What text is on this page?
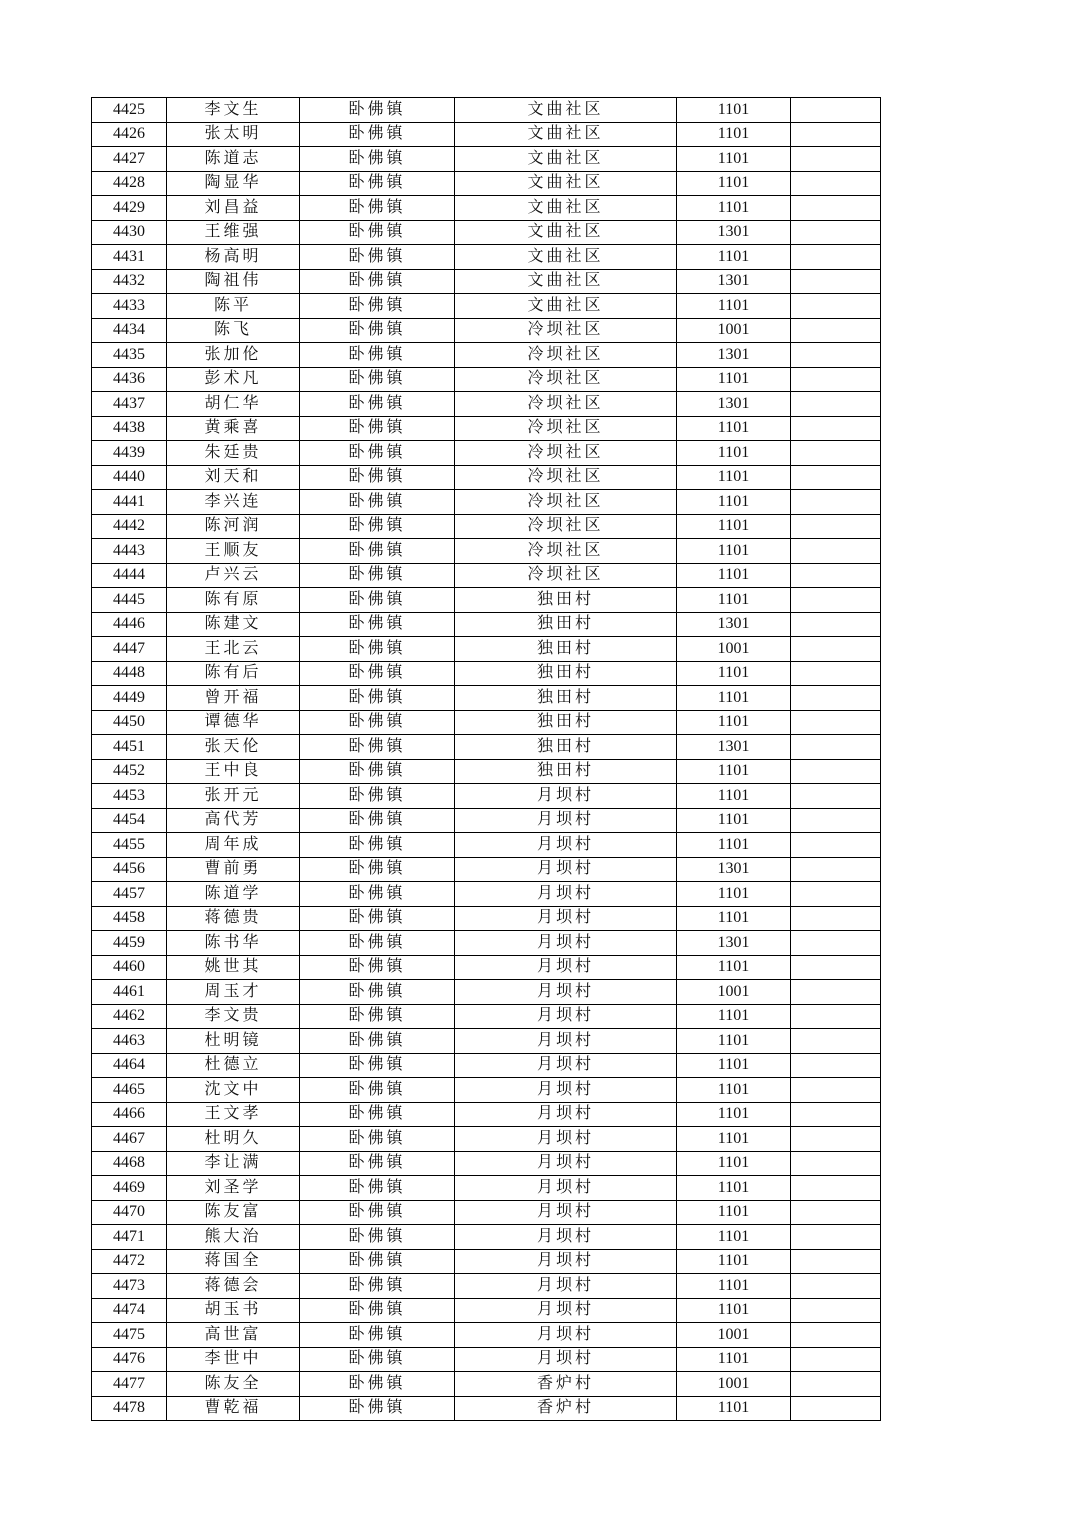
4425	李文生	卧佛镇	文曲社区	1101	
4426	张太明	卧佛镇	文曲社区	1101	
4427	陈道志	卧佛镇	文曲社区	1101	
4428	陶显华	卧佛镇	文曲社区	1101	
4429	刘昌益	卧佛镇	文曲社区	1101	
4430	王维强	卧佛镇	文曲社区	1301	
4431	杨高明	卧佛镇	文曲社区	1101	
4432	陶祖伟	卧佛镇	文曲社区	1301	
4433	陈平	卧佛镇	文曲社区	1101	
4434	陈飞	卧佛镇	冷坝社区	1001	
4435	张加伦	卧佛镇	冷坝社区	1301	
4436	彭术凡	卧佛镇	冷坝社区	1101	
4437	胡仁华	卧佛镇	冷坝社区	1301	
4438	黄乘喜	卧佛镇	冷坝社区	1101	
4439	朱廷贵	卧佛镇	冷坝社区	1101	
4440	刘天和	卧佛镇	冷坝社区	1101	
4441	李兴连	卧佛镇	冷坝社区	1101	
4442	陈河润	卧佛镇	冷坝社区	1101	
4443	王顺友	卧佛镇	冷坝社区	1101	
4444	卢兴云	卧佛镇	冷坝社区	1101	
4445	陈有原	卧佛镇	独田村	1101	
4446	陈建文	卧佛镇	独田村	1301	
4447	王北云	卧佛镇	独田村	1001	
4448	陈有后	卧佛镇	独田村	1101	
4449	曾开福	卧佛镇	独田村	1101	
4450	谭德华	卧佛镇	独田村	1101	
4451	张天伦	卧佛镇	独田村	1301	
4452	王中良	卧佛镇	独田村	1101	
4453	张开元	卧佛镇	月坝村	1101	
4454	高代芳	卧佛镇	月坝村	1101	
4455	周年成	卧佛镇	月坝村	1101	
4456	曹前勇	卧佛镇	月坝村	1301	
4457	陈道学	卧佛镇	月坝村	1101	
4458	蒋德贵	卧佛镇	月坝村	1101	
4459	陈书华	卧佛镇	月坝村	1301	
4460	姚世其	卧佛镇	月坝村	1101	
4461	周玉才	卧佛镇	月坝村	1001	
4462	李文贵	卧佛镇	月坝村	1101	
4463	杜明镜	卧佛镇	月坝村	1101	
4464	杜德立	卧佛镇	月坝村	1101	
4465	沈文中	卧佛镇	月坝村	1101	
4466	王文孝	卧佛镇	月坝村	1101	
4467	杜明久	卧佛镇	月坝村	1101	
4468	李让满	卧佛镇	月坝村	1101	
4469	刘圣学	卧佛镇	月坝村	1101	
4470	陈友富	卧佛镇	月坝村	1101	
4471	熊大治	卧佛镇	月坝村	1101	
4472	蒋国全	卧佛镇	月坝村	1101	
4473	蒋德会	卧佛镇	月坝村	1101	
4474	胡玉书	卧佛镇	月坝村	1101	
4475	高世富	卧佛镇	月坝村	1001	
4476	李世中	卧佛镇	月坝村	1101	
4477	陈友全	卧佛镇	香炉村	1001	
4478	曹乾福	卧佛镇	香炉村	1101	
